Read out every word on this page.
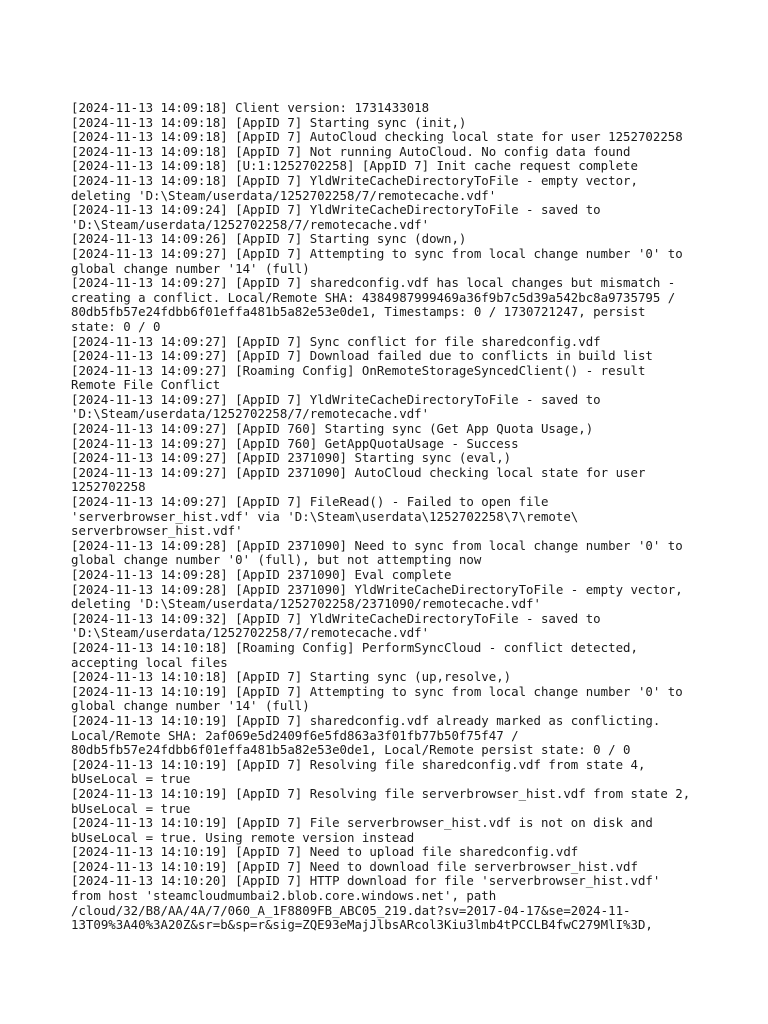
[2024-11-13 14:09:18] Client version: 1731433018
[2024-11-13 14:09:18] [AppID 7] Starting sync (init,)
[2024-11-13 14:09:18] [AppID 7] AutoCloud checking local state for user 1252702258
[2024-11-13 14:09:18] [AppID 7] Not running AutoCloud. No config data found
[2024-11-13 14:09:18] [U:1:1252702258] [AppID 7] Init cache request complete
[2024-11-13 14:09:18] [AppID 7] YldWriteCacheDirectoryToFile - empty vector,
deleting 'D:\Steam/userdata/1252702258/7/remotecache.vdf'
[2024-11-13 14:09:24] [AppID 7] YldWriteCacheDirectoryToFile - saved to
'D:\Steam/userdata/1252702258/7/remotecache.vdf'
[2024-11-13 14:09:26] [AppID 7] Starting sync (down,)
[2024-11-13 14:09:27] [AppID 7] Attempting to sync from local change number '0' to
global change number '14' (full)
[2024-11-13 14:09:27] [AppID 7] sharedconfig.vdf has local changes but mismatch -
creating a conflict. Local/Remote SHA: 4384987999469a36f9b7c5d39a542bc8a9735795 /
80db5fb57e24fdbb6f01effa481b5a82e53e0de1, Timestamps: 0 / 1730721247, persist
state: 0 / 0
[2024-11-13 14:09:27] [AppID 7] Sync conflict for file sharedconfig.vdf
[2024-11-13 14:09:27] [AppID 7] Download failed due to conflicts in build list
[2024-11-13 14:09:27] [Roaming Config] OnRemoteStorageSyncedClient() - result
Remote File Conflict
[2024-11-13 14:09:27] [AppID 7] YldWriteCacheDirectoryToFile - saved to
'D:\Steam/userdata/1252702258/7/remotecache.vdf'
[2024-11-13 14:09:27] [AppID 760] Starting sync (Get App Quota Usage,)
[2024-11-13 14:09:27] [AppID 760] GetAppQuotaUsage - Success
[2024-11-13 14:09:27] [AppID 2371090] Starting sync (eval,)
[2024-11-13 14:09:27] [AppID 2371090] AutoCloud checking local state for user
1252702258
[2024-11-13 14:09:27] [AppID 7] FileRead() - Failed to open file
'serverbrowser_hist.vdf' via 'D:\Steam\userdata\1252702258\7\remote\
serverbrowser_hist.vdf'
[2024-11-13 14:09:28] [AppID 2371090] Need to sync from local change number '0' to
global change number '0' (full), but not attempting now
[2024-11-13 14:09:28] [AppID 2371090] Eval complete
[2024-11-13 14:09:28] [AppID 2371090] YldWriteCacheDirectoryToFile - empty vector,
deleting 'D:\Steam/userdata/1252702258/2371090/remotecache.vdf'
[2024-11-13 14:09:32] [AppID 7] YldWriteCacheDirectoryToFile - saved to
'D:\Steam/userdata/1252702258/7/remotecache.vdf'
[2024-11-13 14:10:18] [Roaming Config] PerformSyncCloud - conflict detected,
accepting local files
[2024-11-13 14:10:18] [AppID 7] Starting sync (up,resolve,)
[2024-11-13 14:10:19] [AppID 7] Attempting to sync from local change number '0' to
global change number '14' (full)
[2024-11-13 14:10:19] [AppID 7] sharedconfig.vdf already marked as conflicting.
Local/Remote SHA: 2af069e5d2409f6e5fd863a3f01fb77b50f75f47 /
80db5fb57e24fdbb6f01effa481b5a82e53e0de1, Local/Remote persist state: 0 / 0
[2024-11-13 14:10:19] [AppID 7] Resolving file sharedconfig.vdf from state 4,
bUseLocal = true
[2024-11-13 14:10:19] [AppID 7] Resolving file serverbrowser_hist.vdf from state 2,
bUseLocal = true
[2024-11-13 14:10:19] [AppID 7] File serverbrowser_hist.vdf is not on disk and
bUseLocal = true. Using remote version instead
[2024-11-13 14:10:19] [AppID 7] Need to upload file sharedconfig.vdf
[2024-11-13 14:10:19] [AppID 7] Need to download file serverbrowser_hist.vdf
[2024-11-13 14:10:20] [AppID 7] HTTP download for file 'serverbrowser_hist.vdf'
from host 'steamcloudmumbai2.blob.core.windows.net', path
/cloud/32/B8/AA/4A/7/060_A_1F8809FB_ABC05_219.dat?sv=2017-04-17&se=2024-11-
13T09%3A40%3A20Z&sr=b&sp=r&sig=ZQE93eMajJlbsARcol3Kiu3lmb4tPCCLB4fwC279MlI%3D,
